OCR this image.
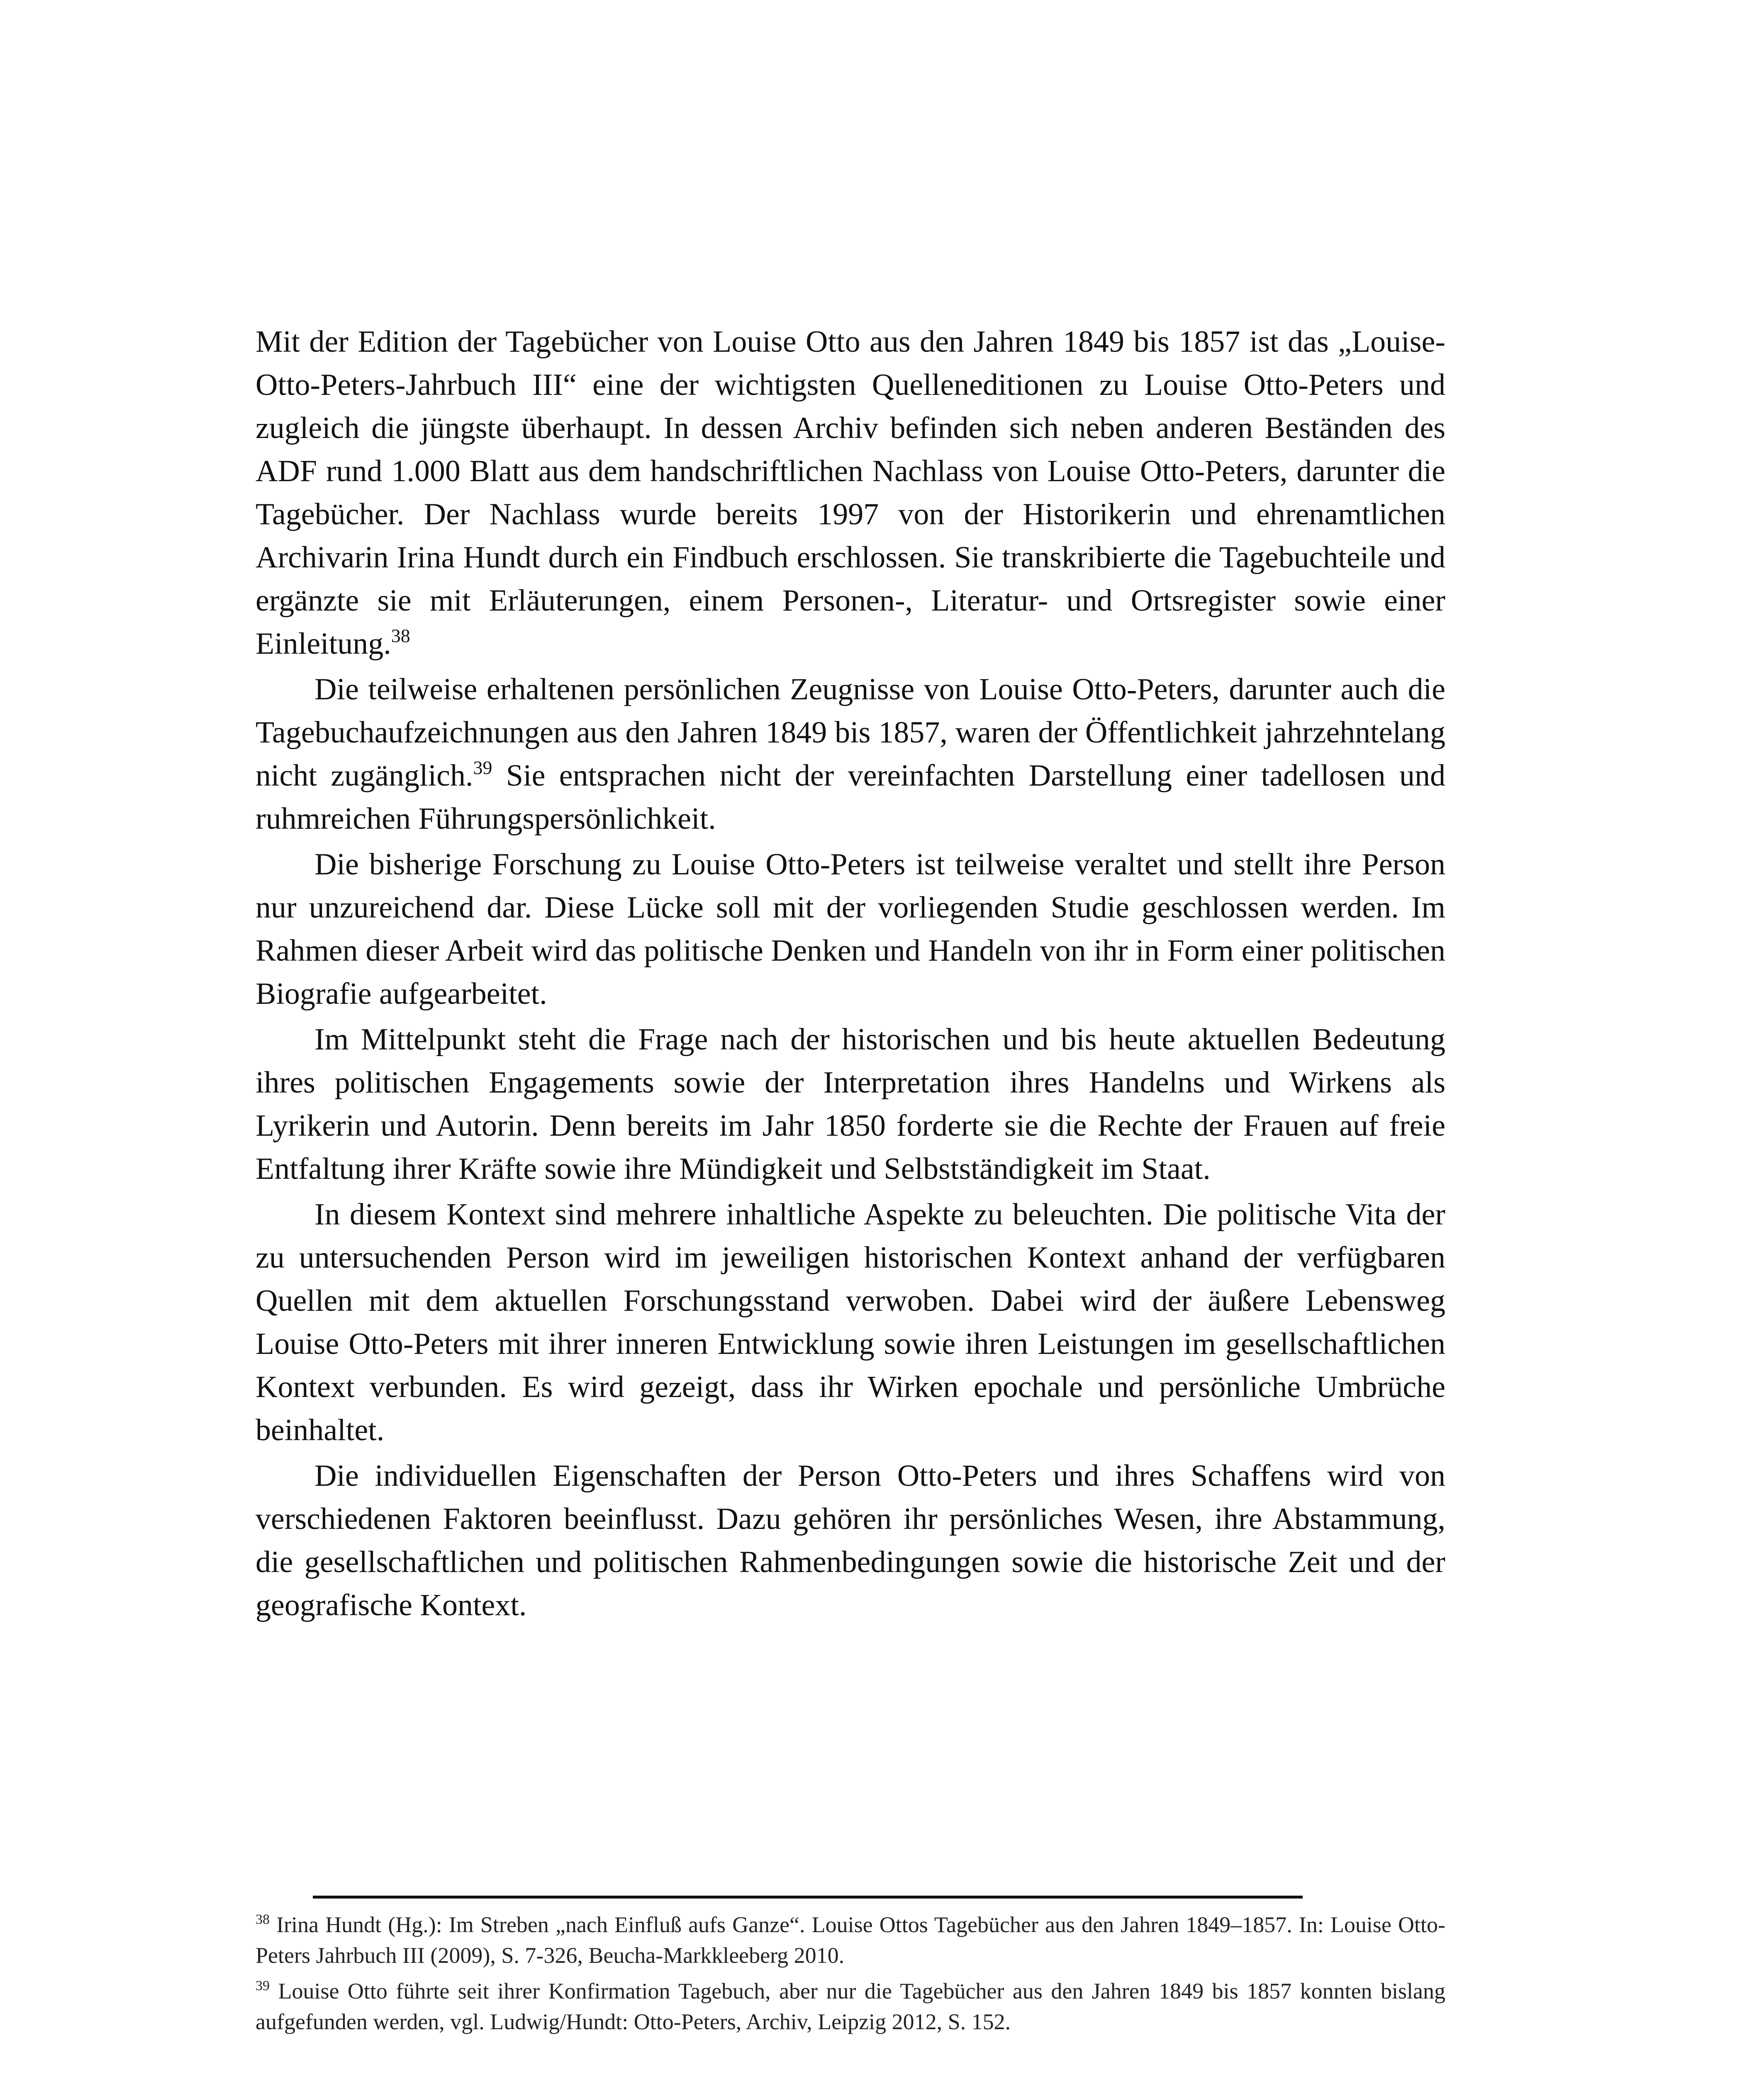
Mit der Edition der Tagebücher von Louise Otto aus den Jahren 1849 bis 1857 ist das „Louise-Otto-Peters-Jahrbuch III“ eine der wichtigsten Quelleneditionen zu Louise Otto-Peters und zugleich die jüngste überhaupt. In dessen Archiv befinden sich neben anderen Beständen des ADF rund 1.000 Blatt aus dem handschriftlichen Nachlass von Louise Otto-Peters, darunter die Tagebücher. Der Nachlass wurde bereits 1997 von der Historikerin und ehrenamtlichen Archivarin Irina Hundt durch ein Findbuch erschlossen. Sie transkribierte die Tagebuchteile und ergänzte sie mit Erläuterungen, einem Personen-, Literatur- und Ortsregister sowie einer Einleitung.$^{38}$

Die teilweise erhaltenen persönlichen Zeugnisse von Louise Otto-Peters, darunter auch die Tagebuchaufzeichnungen aus den Jahren 1849 bis 1857, waren der Öffentlichkeit jahrzehntelang nicht zugänglich.$^{39}$ Sie entsprachen nicht der vereinfachten Darstellung einer tadellosen und ruhmreichen Führungspersönlichkeit.

Die bisherige Forschung zu Louise Otto-Peters ist teilweise veraltet und stellt ihre Person nur unzureichend dar. Diese Lücke soll mit der vorliegenden Studie geschlossen werden. Im Rahmen dieser Arbeit wird das politische Denken und Handeln von ihr in Form einer politischen Biografie aufgearbeitet.

Im Mittelpunkt steht die Frage nach der historischen und bis heute aktuellen Bedeutung ihres politischen Engagements sowie der Interpretation ihres Handelns und Wirkens als Lyrikerin und Autorin. Denn bereits im Jahr 1850 forderte sie die Rechte der Frauen auf freie Entfaltung ihrer Kräfte sowie ihre Mündigkeit und Selbstständigkeit im Staat.

In diesem Kontext sind mehrere inhaltliche Aspekte zu beleuchten. Die politische Vita der zu untersuchenden Person wird im jeweiligen historischen Kontext anhand der verfügbaren Quellen mit dem aktuellen Forschungsstand verwoben. Dabei wird der äußere Lebensweg Louise Otto-Peters mit ihrer inneren Entwicklung sowie ihren Leistungen im gesellschaftlichen Kontext verbunden. Es wird gezeigt, dass ihr Wirken epochale und persönliche Umbrüche beinhaltet.

Die individuellen Eigenschaften der Person Otto-Peters und ihres Schaffens wird von verschiedenen Faktoren beeinflusst. Dazu gehören ihr persönliches Wesen, ihre Abstammung, die gesellschaftlichen und politischen Rahmenbedingungen sowie die historische Zeit und der geografische Kontext.

$^{38}$ Irina Hundt (Hg.): Im Streben „nach Einfluß aufs Ganze“. Louise Ottos Tagebücher aus den Jahren 1849–1857. In: Louise Otto-Peters Jahrbuch III (2009), S. 7-326, Beucha-Markkleeberg 2010.

$^{39}$ Louise Otto führte seit ihrer Konfirmation Tagebuch, aber nur die Tagebücher aus den Jahren 1849 bis 1857 konnten bislang aufgefunden werden, vgl. Ludwig/Hundt: Otto-Peters, Archiv, Leipzig 2012, S. 152.
